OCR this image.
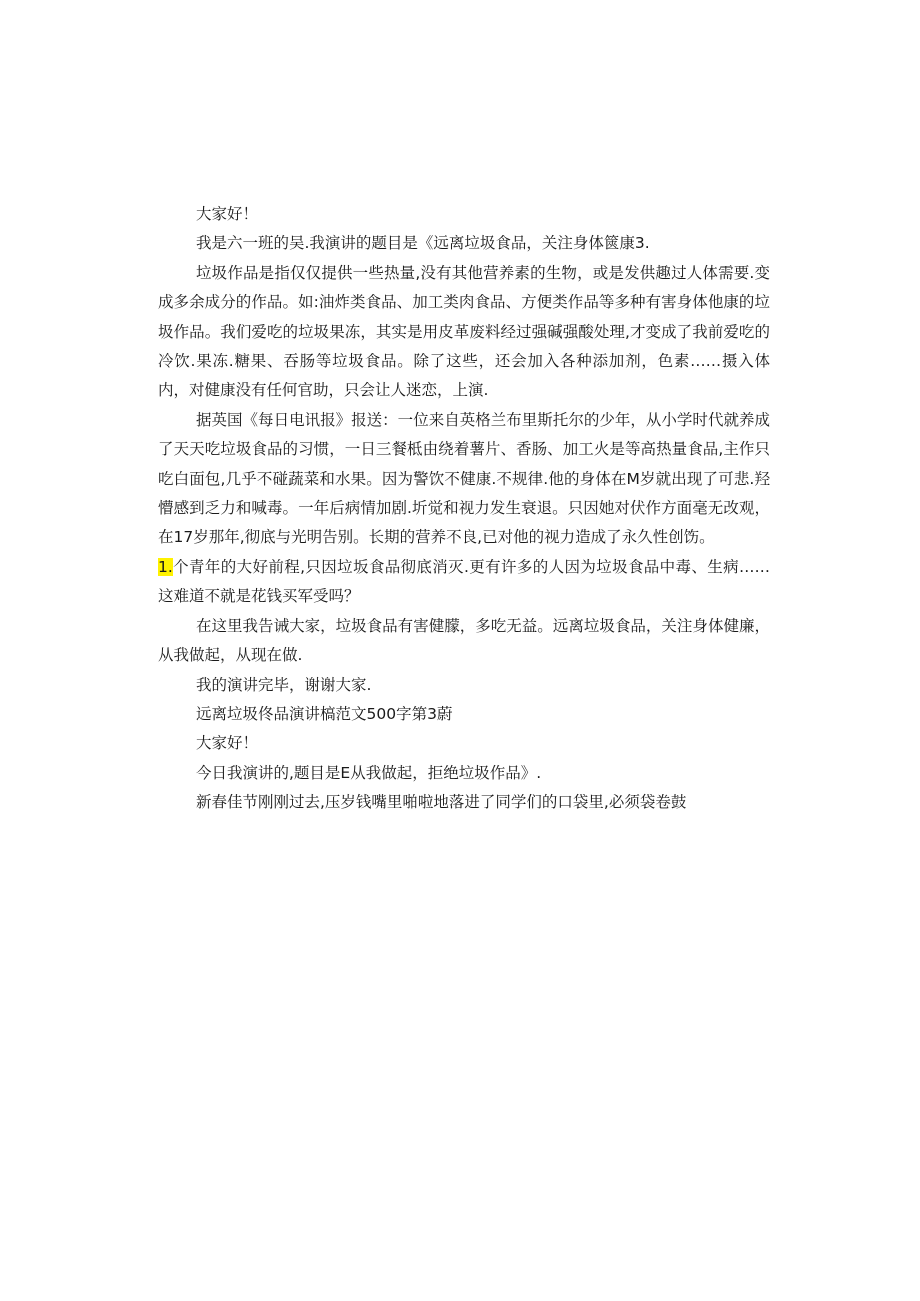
大家好！

我是六一班的吴.我演讲的题目是《远离垃圾食品，关注身体篋康3.

垃圾作品是指仅仅提供一些热量,没有其他营养素的生物，或是发供趣过人体需要.变成多余成分的作品。如:油炸类食品、加工类肉食品、方便类作品等多种有害身体他康的垃圾作品。我们爱吃的垃圾果冻，其实是用皮革废料经过强碱强酸处理,才变成了我前爱吃的冷饮.果冻.糖果、吞肠等垃圾食品。除了这些，还会加入各种添加剂，色素……摄入体内，对健康没有任何官助，只会让人迷恋，上演.

据英国《每日电讯报》报送：一位来自英格兰布里斯托尔的少年，从小学时代就养成了天天吃垃圾食品的习惯，一日三餐柢由绕着薯片、香肠、加工火是等高热量食品,主作只吃白面包,几乎不碰蔬菜和水果。因为警饮不健康.不规律.他的身体在M岁就出现了可悲.羟懵感到乏力和喊毒。一年后病情加剧.圻觉和视力发生衰退。只因她对伏作方面毫无改观，在17岁那年,彻底与光明告别。长期的营养不良,已对他的视力造成了永久性创饬。

1.个青年的大好前程,只因垃坂食品彻底消灭.更有许多的人因为垃圾食品中毒、生病……这难道不就是花钱买军受吗？

在这里我告诫大家，垃圾食品有害健朦，多吃无益。远离垃圾食品，关注身体健廉，从我做起，从现在做.

我的演讲完毕，谢谢大家.

远离垃圾佟品演讲槁范文500字第3蔚

大家好！

今日我演讲的,题目是E从我做起，拒绝垃圾作品》.

新春佳节刚刚过去,压岁钱嘴里啪啦地落进了同学们的口袋里,必须袋卷鼓
